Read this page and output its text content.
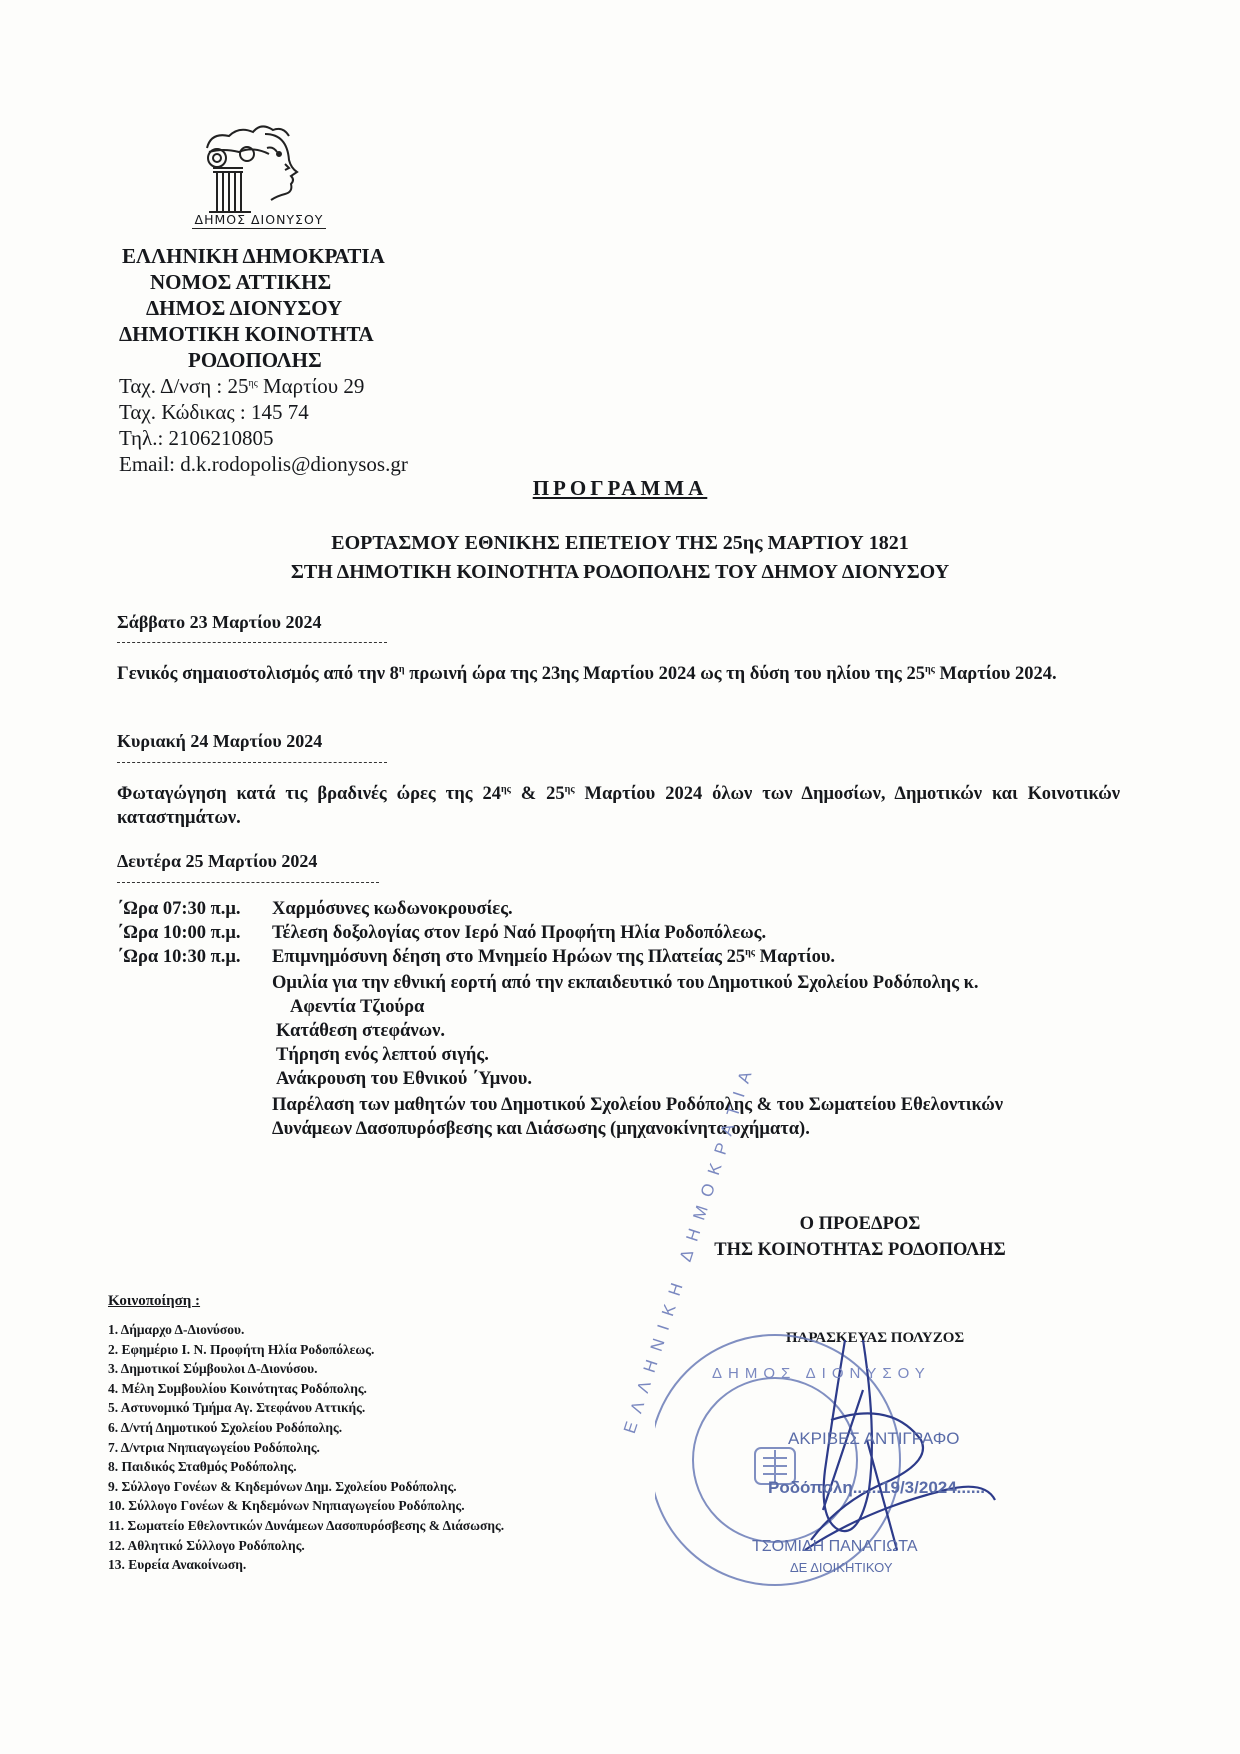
ΔΗΜΟΣ ΔΙΟΝΥΣΟΥ
ΕΛΛΗΝΙΚΗ ΔΗΜΟΚΡΑΤΙΑ
ΝΟΜΟΣ ΑΤΤΙΚΗΣ
ΔΗΜΟΣ ΔΙΟΝΥΣΟΥ
ΔΗΜΟΤΙΚΗ ΚΟΙΝΟΤΗΤΑ
ΡΟΔΟΠΟΛΗΣ
Ταχ. Δ/νση : $25^{\eta\varsigma}$ Μαρτίου 29
Ταχ. Κώδικας : 145 74
Τηλ.: 2106210805
Email: d.k.rodopolis@dionysos.gr
ΠΡΟΓΡΑΜΜΑ
ΕΟΡΤΑΣΜΟΥ ΕΘΝΙΚΗΣ ΕΠΕΤΕΙΟΥ ΤΗΣ 25ης ΜΑΡΤΙΟΥ 1821
ΣΤΗ ΔΗΜΟΤΙΚΗ ΚΟΙΝΟΤΗΤΑ ΡΟΔΟΠΟΛΗΣ ΤΟΥ ΔΗΜΟΥ ΔΙΟΝΥΣΟΥ
Σάββατο 23 Μαρτίου 2024
Γενικός σημαιοστολισμός από την $8^\eta$ πρωινή ώρα της 23ης Μαρτίου 2024 ως τη δύση του ηλίου της $25^{\eta\varsigma}$ Μαρτίου 2024.
Κυριακή 24 Μαρτίου 2024
Φωταγώγηση κατά τις βραδινές ώρες της $24^{\eta\varsigma}$ & $25^{\eta\varsigma}$ Μαρτίου 2024 όλων των Δημοσίων, Δημοτικών και Κοινοτικών καταστημάτων.
Δευτέρα 25 Μαρτίου 2024
΄Ωρα 07:30 π.μ. Χαρμόσυνες κωδωνοκρουσίες.
΄Ωρα 10:00 π.μ. Τέλεση δοξολογίας στον Ιερό Ναό Προφήτη Ηλία Ροδοπόλεως.
΄Ωρα 10:30 π.μ. Επιμνημόσυνη δέηση στο Μνημείο Ηρώων της Πλατείας $25^{\eta\varsigma}$ Μαρτίου.
Ομιλία για την εθνική εορτή από την εκπαιδευτικό του Δημοτικού Σχολείου Ροδόπολης κ.
Αφεντία Τζιούρα
Κατάθεση στεφάνων.
Τήρηση ενός λεπτού σιγής.
Ανάκρουση του Εθνικού ΄Υμνου.
Παρέλαση των μαθητών του Δημοτικού Σχολείου Ροδόπολης & του Σωματείου Εθελοντικών
Δυνάμεων Δασοπυρόσβεσης και Διάσωσης (μηχανοκίνητα οχήματα).
Ο ΠΡΟΕΔΡΟΣ
ΤΗΣ ΚΟΙΝΟΤΗΤΑΣ ΡΟΔΟΠΟΛΗΣ
ΠΑΡΑΣΚΕΥΑΣ ΠΟΛΥΖΟΣ
Κοινοποίηση :
1. Δήμαρχο Δ-Διονύσου.
2. Εφημέριο Ι. Ν. Προφήτη Ηλία Ροδοπόλεως.
3. Δημοτικοί Σύμβουλοι Δ-Διονύσου.
4. Μέλη Συμβουλίου Κοινότητας Ροδόπολης.
5. Αστυνομικό Τμήμα Αγ. Στεφάνου Αττικής.
6. Δ/ντή Δημοτικού Σχολείου Ροδόπολης.
7. Δ/ντρια Νηπιαγωγείου Ροδόπολης.
8. Παιδικός Σταθμός Ροδόπολης.
9. Σύλλογο Γονέων & Κηδεμόνων Δημ. Σχολείου Ροδόπολης.
10. Σύλλογο Γονέων & Κηδεμόνων Νηπιαγωγείου Ροδόπολης.
11. Σωματείο Εθελοντικών Δυνάμεων Δασοπυρόσβεσης & Διάσωσης.
12. Αθλητικό Σύλλογο Ροδόπολης.
13. Ευρεία Ανακοίνωση.
ΕΛΛΗΝΙΚΗ ΔΗΜΟΚΡΑΤΙΑ
ΔΗΜΟΣ ΔΙΟΝΥΣΟΥ
ΑΚΡΙΒΕΣ ΑΝΤΙΓΡΑΦΟ
Ροδόπολη......19/3/2024......
ΤΣΟΜΙΔΗ ΠΑΝΑΓΙΩΤΑ
ΔΕ ΔΙΟΙΚΗΤΙΚΟΥ
